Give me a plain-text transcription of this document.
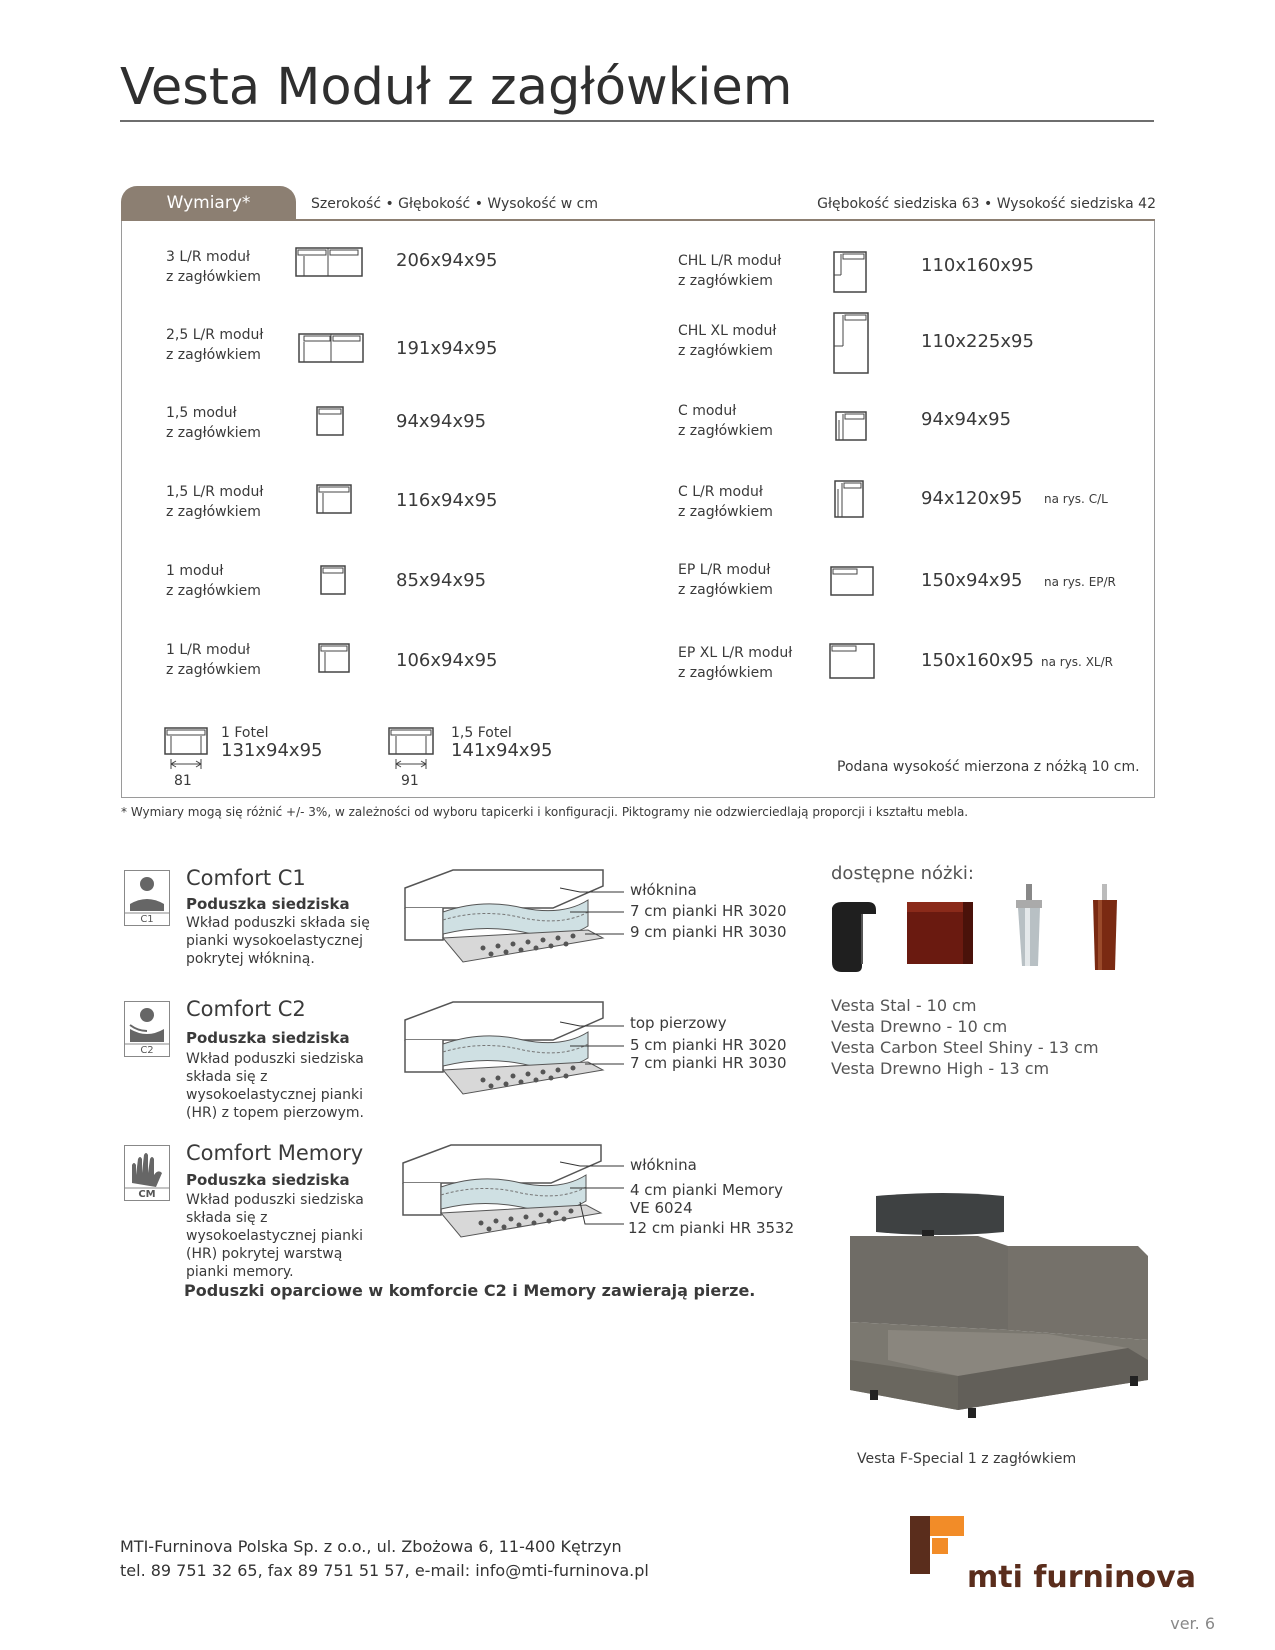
Vesta Moduł z zagłówkiem
Wymiary*	Szerokość • Głębokość • Wysokość w cm	Głębokość siedziska 63 • Wysokość siedziska 42
3 L/R moduł
z zagłówkiem
206x94x95
2,5 L/R moduł
z zagłówkiem	191x94x95
1,5 moduł
z zagłówkiem
94x94x95
1,5 L/R moduł
z zagłówkiem
116x94x95
1 moduł
z zagłówkiem	85x94x95
1 L/R moduł
z zagłówkiem	106x94x95
CHL L/R moduł
z zagłówkiem
110x160x95
CHL XL moduł
z zagłówkiem	110x225x95
C moduł
z zagłówkiem
94x94x95
C L/R moduł
z zagłówkiem
94x120x95 na rys. C/L
EP L/R moduł
z zagłówkiem	150x94x95 na rys. EP/R
EP XL L/R moduł
z zagłówkiem
150x160x95 na rys. XL/R
81
1 Fotel
131x94x95
91
1,5 Fotel
141x94x95
Podana wysokość mierzona z nóżką 10 cm.
* Wymiary mogą się różnić +/- 3%, w zależności od wyboru tapicerki i konfiguracji. Piktogramy nie odzwierciedlają proporcji i kształtu mebla.
C1
Comfort C1
Poduszka siedziska
Wkład poduszki składa się pianki wysokoelastycznej pokrytej włókniną.
włóknina
7 cm pianki HR 3020
9 cm pianki HR 3030
C2
Comfort C2
Poduszka siedziska
Wkład poduszki siedziska składa się z wysokoelastycznej pianki (HR) z topem pierzowym.
top pierzowy
5 cm pianki HR 3020
7 cm pianki HR 3030
CM
Comfort Memory
Poduszka siedziska
Wkład poduszki siedziska składa się z wysokoelastycznej pianki (HR) pokrytej warstwą pianki memory.
włóknina
4 cm pianki Memory
VE 6024
12 cm pianki HR 3532
Poduszki oparciowe w komforcie C2 i Memory zawierają pierze.
dostępne nóżki:
Vesta Stal - 10 cm
Vesta Drewno - 10 cm
Vesta Carbon Steel Shiny - 13 cm
Vesta Drewno High - 13 cm
Vesta F-Special 1 z zagłówkiem
MTI-Furninova Polska Sp. z o.o., ul. Zbożowa 6, 11-400 Kętrzyn
tel. 89 751 32 65, fax 89 751 51 57, e-mail: info@mti-furninova.pl	mti furninova
ver. 6
